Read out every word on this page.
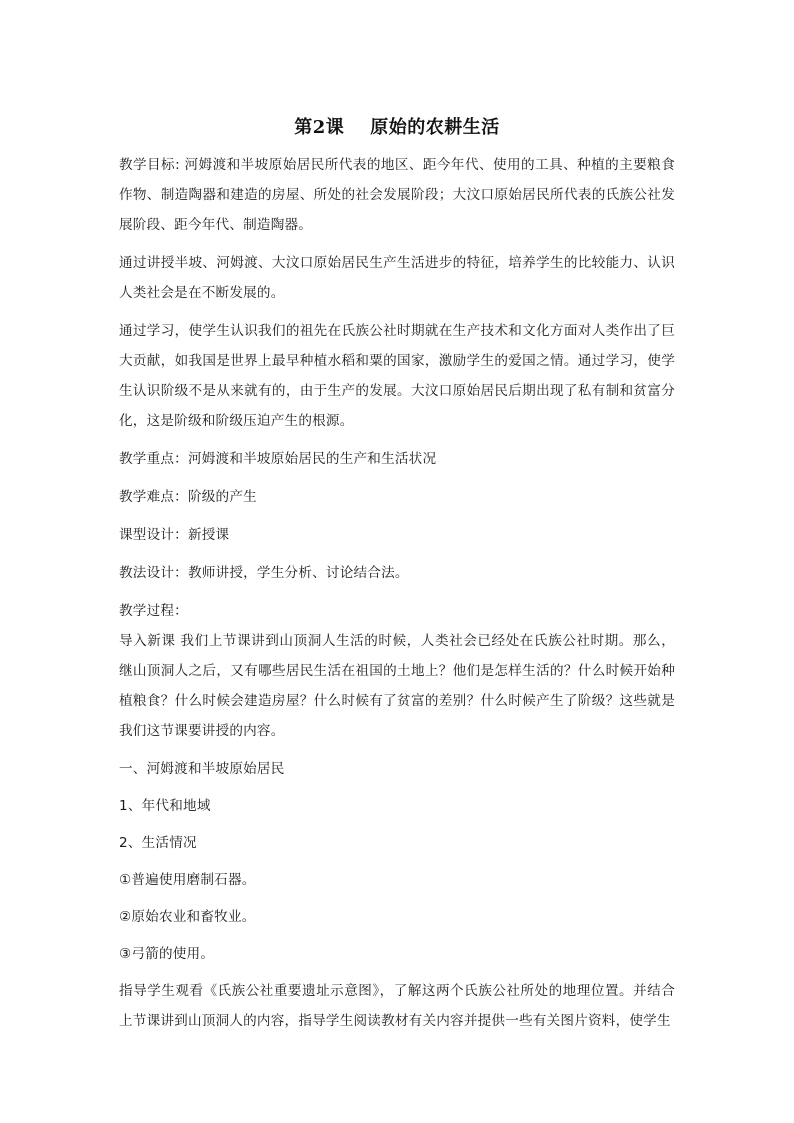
第2课 原始的农耕生活

教学目标: 河姆渡和半坡原始居民所代表的地区、距今年代、使用的工具、种植的主要粮食作物、制造陶器和建造的房屋、所处的社会发展阶段；大汶口原始居民所代表的氏族公社发展阶段、距今年代、制造陶器。

通过讲授半坡、河姆渡、大汶口原始居民生产生活进步的特征，培养学生的比较能力、认识人类社会是在不断发展的。

通过学习，使学生认识我们的祖先在氏族公社时期就在生产技术和文化方面对人类作出了巨大贡献，如我国是世界上最早种植水稻和粟的国家，激励学生的爱国之情。通过学习，使学生认识阶级不是从来就有的，由于生产的发展。大汶口原始居民后期出现了私有制和贫富分化，这是阶级和阶级压迫产生的根源。

教学重点：河姆渡和半坡原始居民的生产和生活状况

教学难点：阶级的产生

课型设计：新授课

教法设计：教师讲授，学生分析、讨论结合法。

教学过程：

导入新课 我们上节课讲到山顶洞人生活的时候，人类社会已经处在氏族公社时期。那么，继山顶洞人之后，又有哪些居民生活在祖国的土地上？他们是怎样生活的？什么时候开始种植粮食？什么时候会建造房屋？什么时候有了贫富的差别？什么时候产生了阶级？这些就是我们这节课要讲授的内容。

一、河姆渡和半坡原始居民

1、年代和地域

2、生活情况

①普遍使用磨制石器。

②原始农业和畜牧业。

③弓箭的使用。

指导学生观看《氏族公社重要遗址示意图》，了解这两个氏族公社所处的地理位置。并结合上节课讲到山顶洞人的内容，指导学生阅读教材有关内容并提供一些有关图片资料，使学生
